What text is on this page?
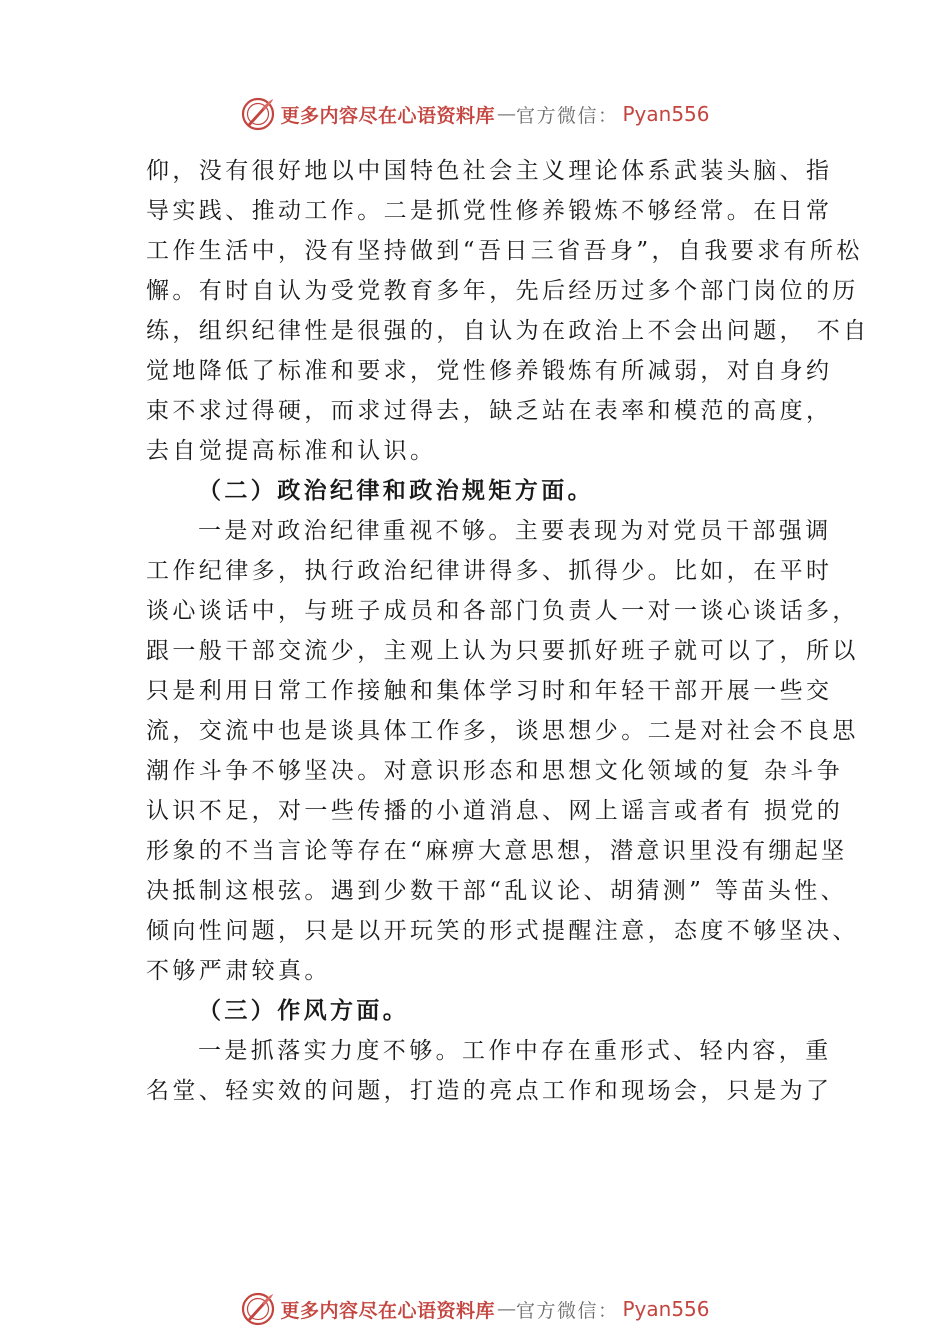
更多内容尽在心语资料库 — 官方微信： Pyan556
仰，没有很好地以中国特色社会主义理论体系武装头脑、指
导实践、推动工作。二是抓党性修养锻炼不够经常。在日常
工作生活中，没有坚持做到“吾日三省吾身”，自我要求有所松
懈。有时自认为受党教育多年，先后经历过多个部门岗位的历
练，组织纪律性是很强的，自认为在政治上不会出问题， 不自
觉地降低了标准和要求，党性修养锻炼有所减弱，对自身约
束不求过得硬，而求过得去，缺乏站在表率和模范的高度，
去自觉提高标准和认识。
（二）政治纪律和政治规矩方面。
一是对政治纪律重视不够。主要表现为对党员干部强调
工作纪律多，执行政治纪律讲得多、抓得少。比如，在平时
谈心谈话中，与班子成员和各部门负责人一对一谈心谈话多，
跟一般干部交流少，主观上认为只要抓好班子就可以了，所以
只是利用日常工作接触和集体学习时和年轻干部开展一些交
流，交流中也是谈具体工作多，谈思想少。二是对社会不良思
潮作斗争不够坚决。对意识形态和思想文化领域的复 杂斗争
认识不足，对一些传播的小道消息、网上谣言或者有 损党的
形象的不当言论等存在“麻痹大意思想，潜意识里没有绷起坚
决抵制这根弦。遇到少数干部“乱议论、胡猜测” 等苗头性、
倾向性问题，只是以开玩笑的形式提醒注意，态度不够坚决、
不够严肃较真。
（三）作风方面。
一是抓落实力度不够。工作中存在重形式、轻内容，重
名堂、轻实效的问题，打造的亮点工作和现场会，只是为了
更多内容尽在心语资料库 — 官方微信： Pyan556
